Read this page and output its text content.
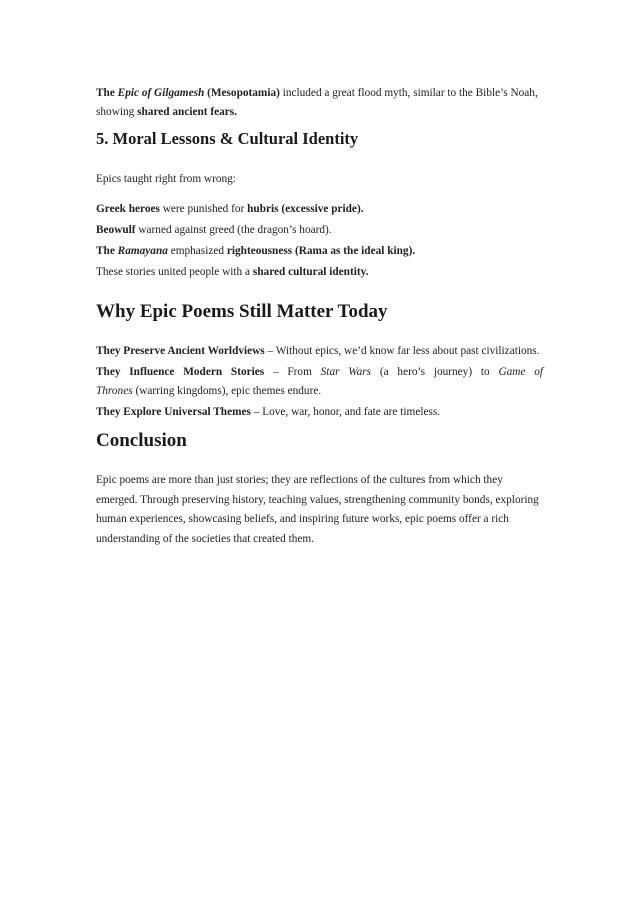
The Epic of Gilgamesh (Mesopotamia) included a great flood myth, similar to the Bible’s Noah, showing shared ancient fears.

5. Moral Lessons & Cultural Identity

Epics taught right from wrong:

Greek heroes were punished for hubris (excessive pride).

Beowulf warned against greed (the dragon’s hoard).

The Ramayana emphasized righteousness (Rama as the ideal king).

These stories united people with a shared cultural identity.

Why Epic Poems Still Matter Today

They Preserve Ancient Worldviews – Without epics, we’d know far less about past civilizations.

They Influence Modern Stories – From Star Wars (a hero’s journey) to Game of

Thrones (warring kingdoms), epic themes endure.

They Explore Universal Themes – Love, war, honor, and fate are timeless.

Conclusion

Epic poems are more than just stories; they are reflections of the cultures from which they emerged. Through preserving history, teaching values, strengthening community bonds, exploring human experiences, showcasing beliefs, and inspiring future works, epic poems offer a rich understanding of the societies that created them.
